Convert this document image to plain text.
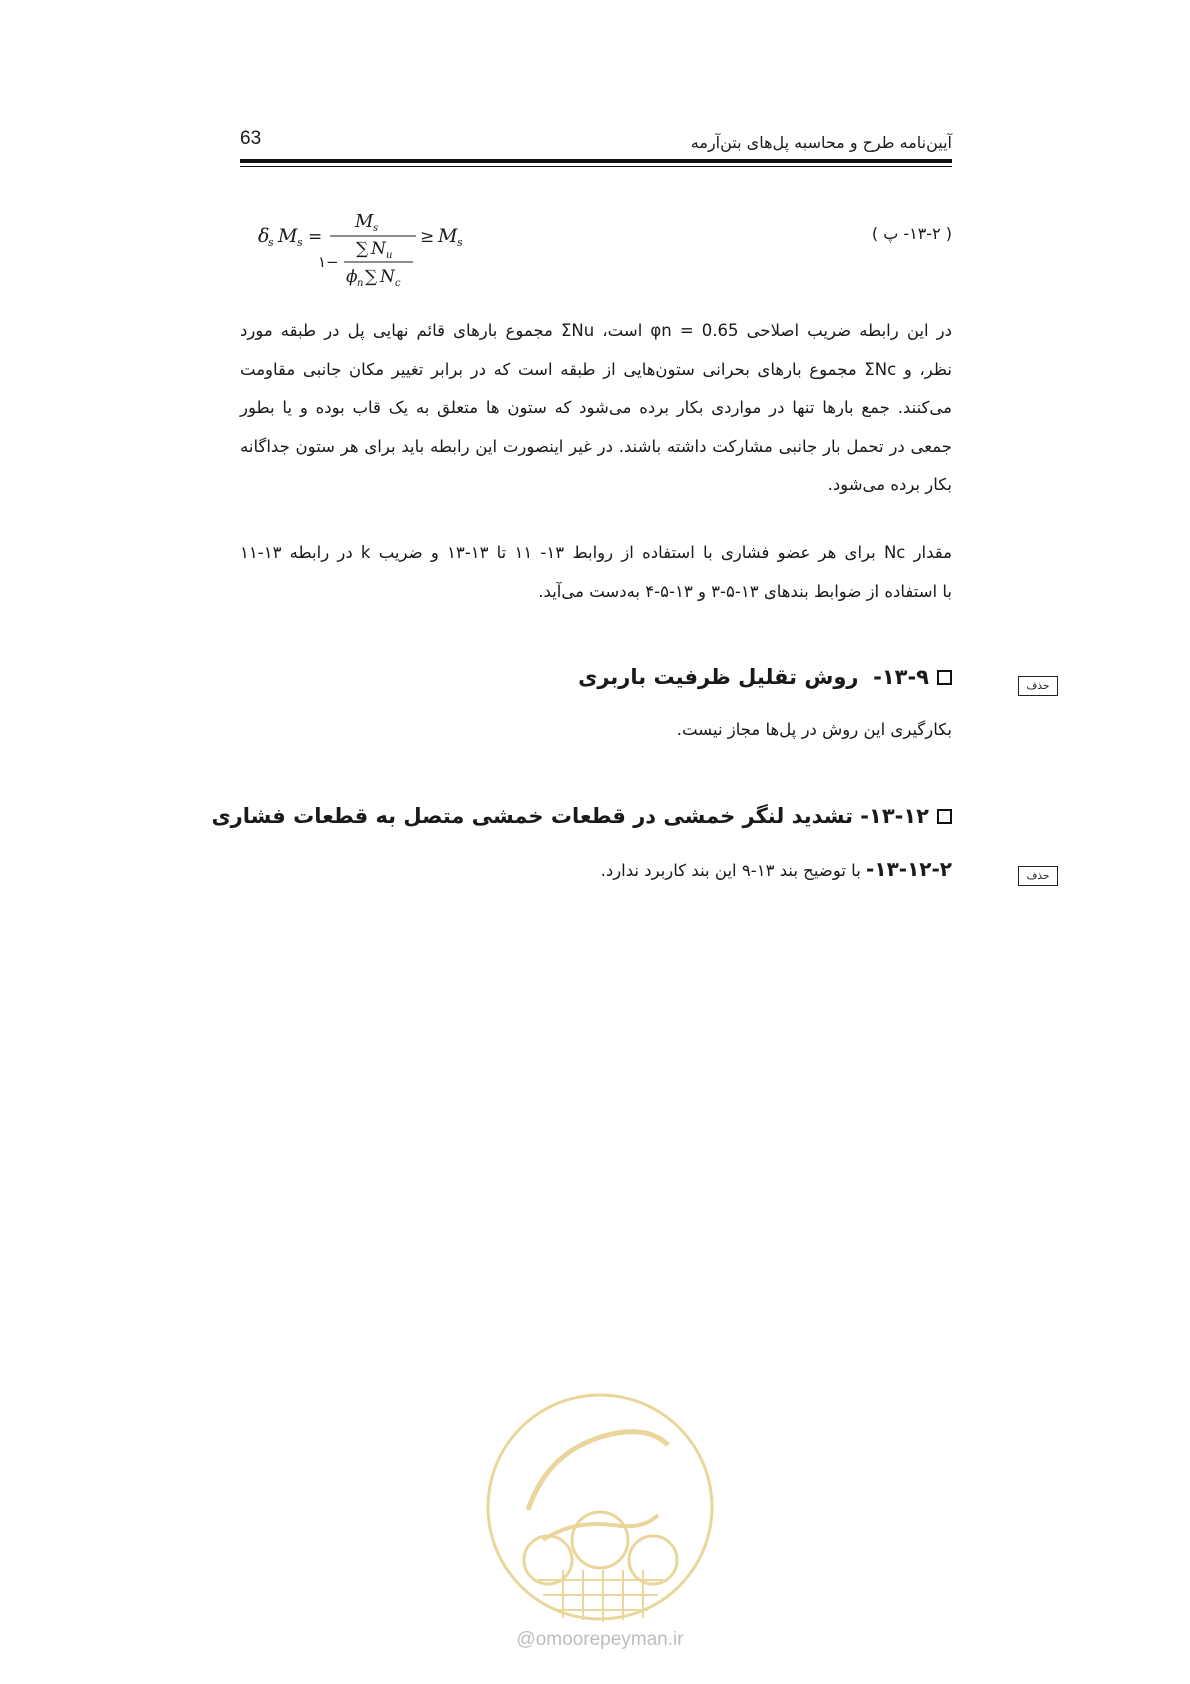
63	آیین‌نامه طرح و محاسبه پل‌های بتن‌آرمه
δ
s M s =
M s
۱−
∑ N u
ϕ n ∑ N c
≥ M s	( ۱۳-۲- پ )
در این رابطه ضریب اصلاحی φn = 0.65 است، ΣNu مجموع بارهای قائم نهایی پل در طبقه مورد
نظر، و ΣNc مجموع بارهای بحرانی ستون‌هایی از طبقه است که در برابر تغییر مکان جانبی مقاومت
می‌کنند. جمع بارها تنها در مواردی بکار برده می‌شود که ستون ها متعلق به یک قاب بوده و یا بطور
جمعی در تحمل بار جانبی مشارکت داشته باشند. در غیر اینصورت این رابطه باید برای هر ستون جداگانه
بکار برده می‌شود.
مقدار Nc برای هر عضو فشاری با استفاده از روابط ۱۳- ۱۱ تا ۱۳-۱۳ و ضریب k در رابطه ۱۳-۱۱
با استفاده از ضوابط بندهای ۱۳-۵-۳ و ۱۳-۵-۴ به‌دست می‌آید.
۱۳-۹-  روش تقلیل ظرفیت باربری	حذف
بکارگیری این روش در پل‌ها مجاز نیست.
۱۳-۱۲- تشدید لنگر خمشی در قطعات خمشی متصل به قطعات فشاری
۱۳-۱۲-۲- با توضیح بند ۱۳-۹ این بند کاربرد ندارد.	حذف
@omoorepeyman.ir
